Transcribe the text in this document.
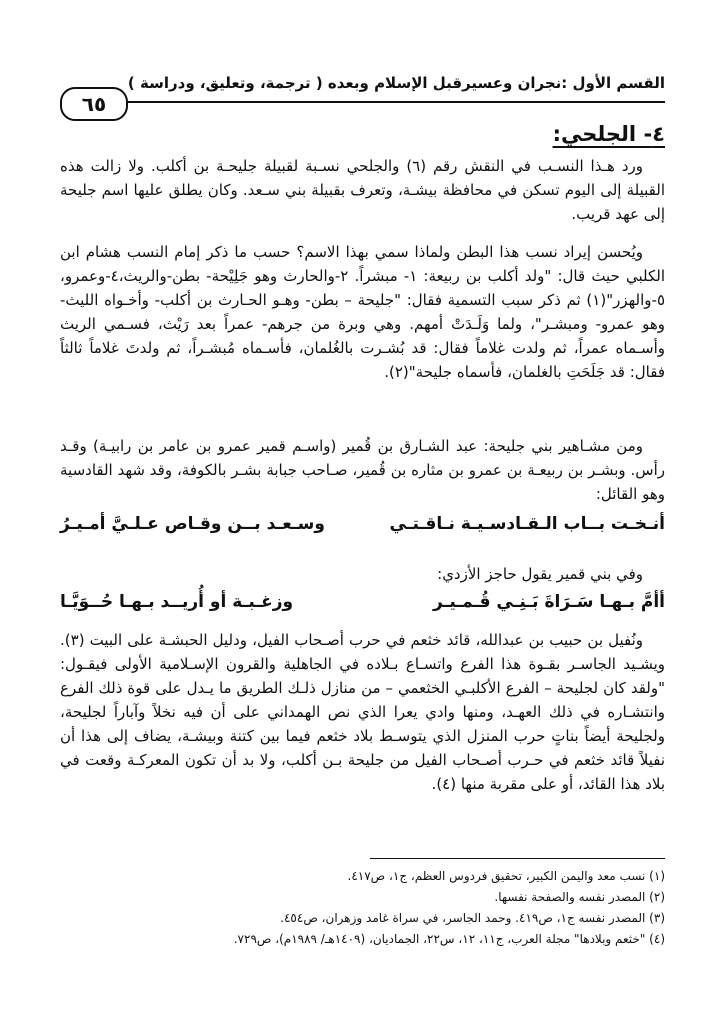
القسم الأول :نجران وعسيرقبل الإسلام وبعده ( ترجمة، وتعليق، ودراسة )
٦٥
٤- الجلحي:

ورد هـذا النسـب في النقش رقم (٦) والجلحي نسـبة لقبيلة جليحـة بن أكلب. ولا زالت هذه القبيلة إلى اليوم تسكن في محافظة بيشـة، وتعرف بقبيلة بني سـعد. وكان يطلق عليها اسم جليحة إلى عهد قريب.

ويُحسن إيراد نسب هذا البطن ولماذا سمي بهذا الاسم؟ حسب ما ذكر إمام النسب هشام ابن الكلبي حيث قال: "ولد أكلب بن ربيعة: ١- مبشراً. ٢-والحارث وهو جَلِيْحة- بطن-والريث،٤-وعمرو، ٥-والهزر"(١) ثم ذكر سبب التسمية فقال: "جليحة – بطن- وهـو الحـارث بن أكلب- وأخـواه الليث- وهو عمرو- ومبشـر"، ولما وَلَـدَتْ أمهم. وهي وبرة من جرهم- عمراً بعد رَيْث، فسـمي الريث وأسـماه عمراً، ثم ولدت غلاماً فقال: قد بُشـرت بالغُلمان، فأسـماه مُبشـراً، ثم ولدتَ غلاماً ثالثاً فقال: قد جَلَحَتِ بالغلمان، فأسماه جليحة"(٢).

ومن مشـاهير بني جليحة: عبد الشـارق بن قُمير (واسـم قمير عمرو بن عامر بن رابيـة) وقـد رأس. وبشـر بن ربيعـة بن عمرو بن مثاره بن قُمير، صـاحب جبابة بشـر بالكوفة، وقد شهد القادسية وهو القائل:

أنـخـت بــاب الـقـادسـيـة نـاقـتـي
وسـعـد بــن وقـاص عـلـيَّ أمـيـرُ

وفي بني قمير يقول حاجز الأزدي:

أأمَّ بـهـا سَـرَاةَ بَـنِـي قُـمـيـر
وزغـبـة أو أُريــد بـهـا حُــوَيَّـا

ونُفيل بن حبيب بن عبدالله، قائد خثعم في حرب أصـحاب الفيل، ودليل الحبشـة على البيت (٣). ويشـيد الجاسـر بقـوة هذا الفرع واتسـاع بـلاده في الجاهلية والقرون الإسـلامية الأولى فيقـول: "ولقد كان لجليحة – الفرع الأكلبـي الخثعمي – من منازل ذلـك الطريق ما يـدل على قوة ذلك الفرع وانتشـاره في ذلك العهـد، ومنها وادي يعرا الذي نص الهمداني على أن فيه نخلاً وآباراً لجليحة، ولجليحة أيضاً بناتٍ حرب المنزل الذي يتوسـط بلاد خثعم فيما بين كتنة وبيشـة، يضاف إلى هذا أن نفيلاً قائد خثعم في حـرب أصـحاب الفيل من جليحة بـن أكلب، ولا بد أن تكون المعركـة وقعت في بلاد هذا القائد، أو على مقربة منها (٤).

(١) نسب معد واليمن الكبير، تحقيق فردوس العظم، ج١، ص٤١٧.
(٢) المصدر نفسه والصفحة نفسها.
(٣) المصدر نفسه ج١، ص٤١٩. وحمد الجاسر، في سراة غامد وزهران، ص٤٥٤.
(٤) "خثعم وبلادها" مجلة العرب، ج١١، ١٢، س٢٢، الجماديان، (١٤٠٩هـ/ ١٩٨٩م)، ص٧٢٩.
